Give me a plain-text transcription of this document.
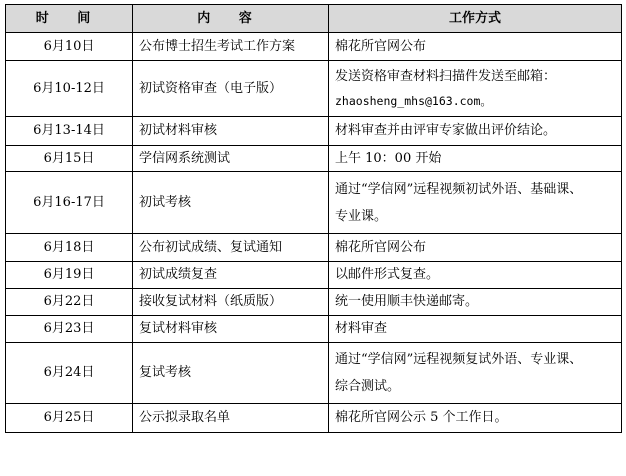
时 间	内 容	工作方式
6月10日	公布博士招生考试工作方案	棉花所官网公布
6月10-12日	初试资格审查（电子版）	发送资格审查材料扫描件发送至邮箱：
zhaosheng_mhs@163.com。

6月13-14日	初试材料审核	材料审查并由评审专家做出评价结论。
6月15日	学信网系统测试	上午 10：00 开始
6月16-17日	初试考核	通过“学信网”远程视频初试外语、基础课、
专业课。
6月18日	公布初试成绩、复试通知	棉花所官网公布
6月19日	初试成绩复查	以邮件形式复查。
6月22日	接收复试材料（纸质版）	统一使用顺丰快递邮寄。
6月23日	复试材料审核	材料审查
6月24日	复试考核	通过“学信网”远程视频复试外语、专业课、
综合测试。
6月25日	公示拟录取名单	棉花所官网公示 5 个工作日。
